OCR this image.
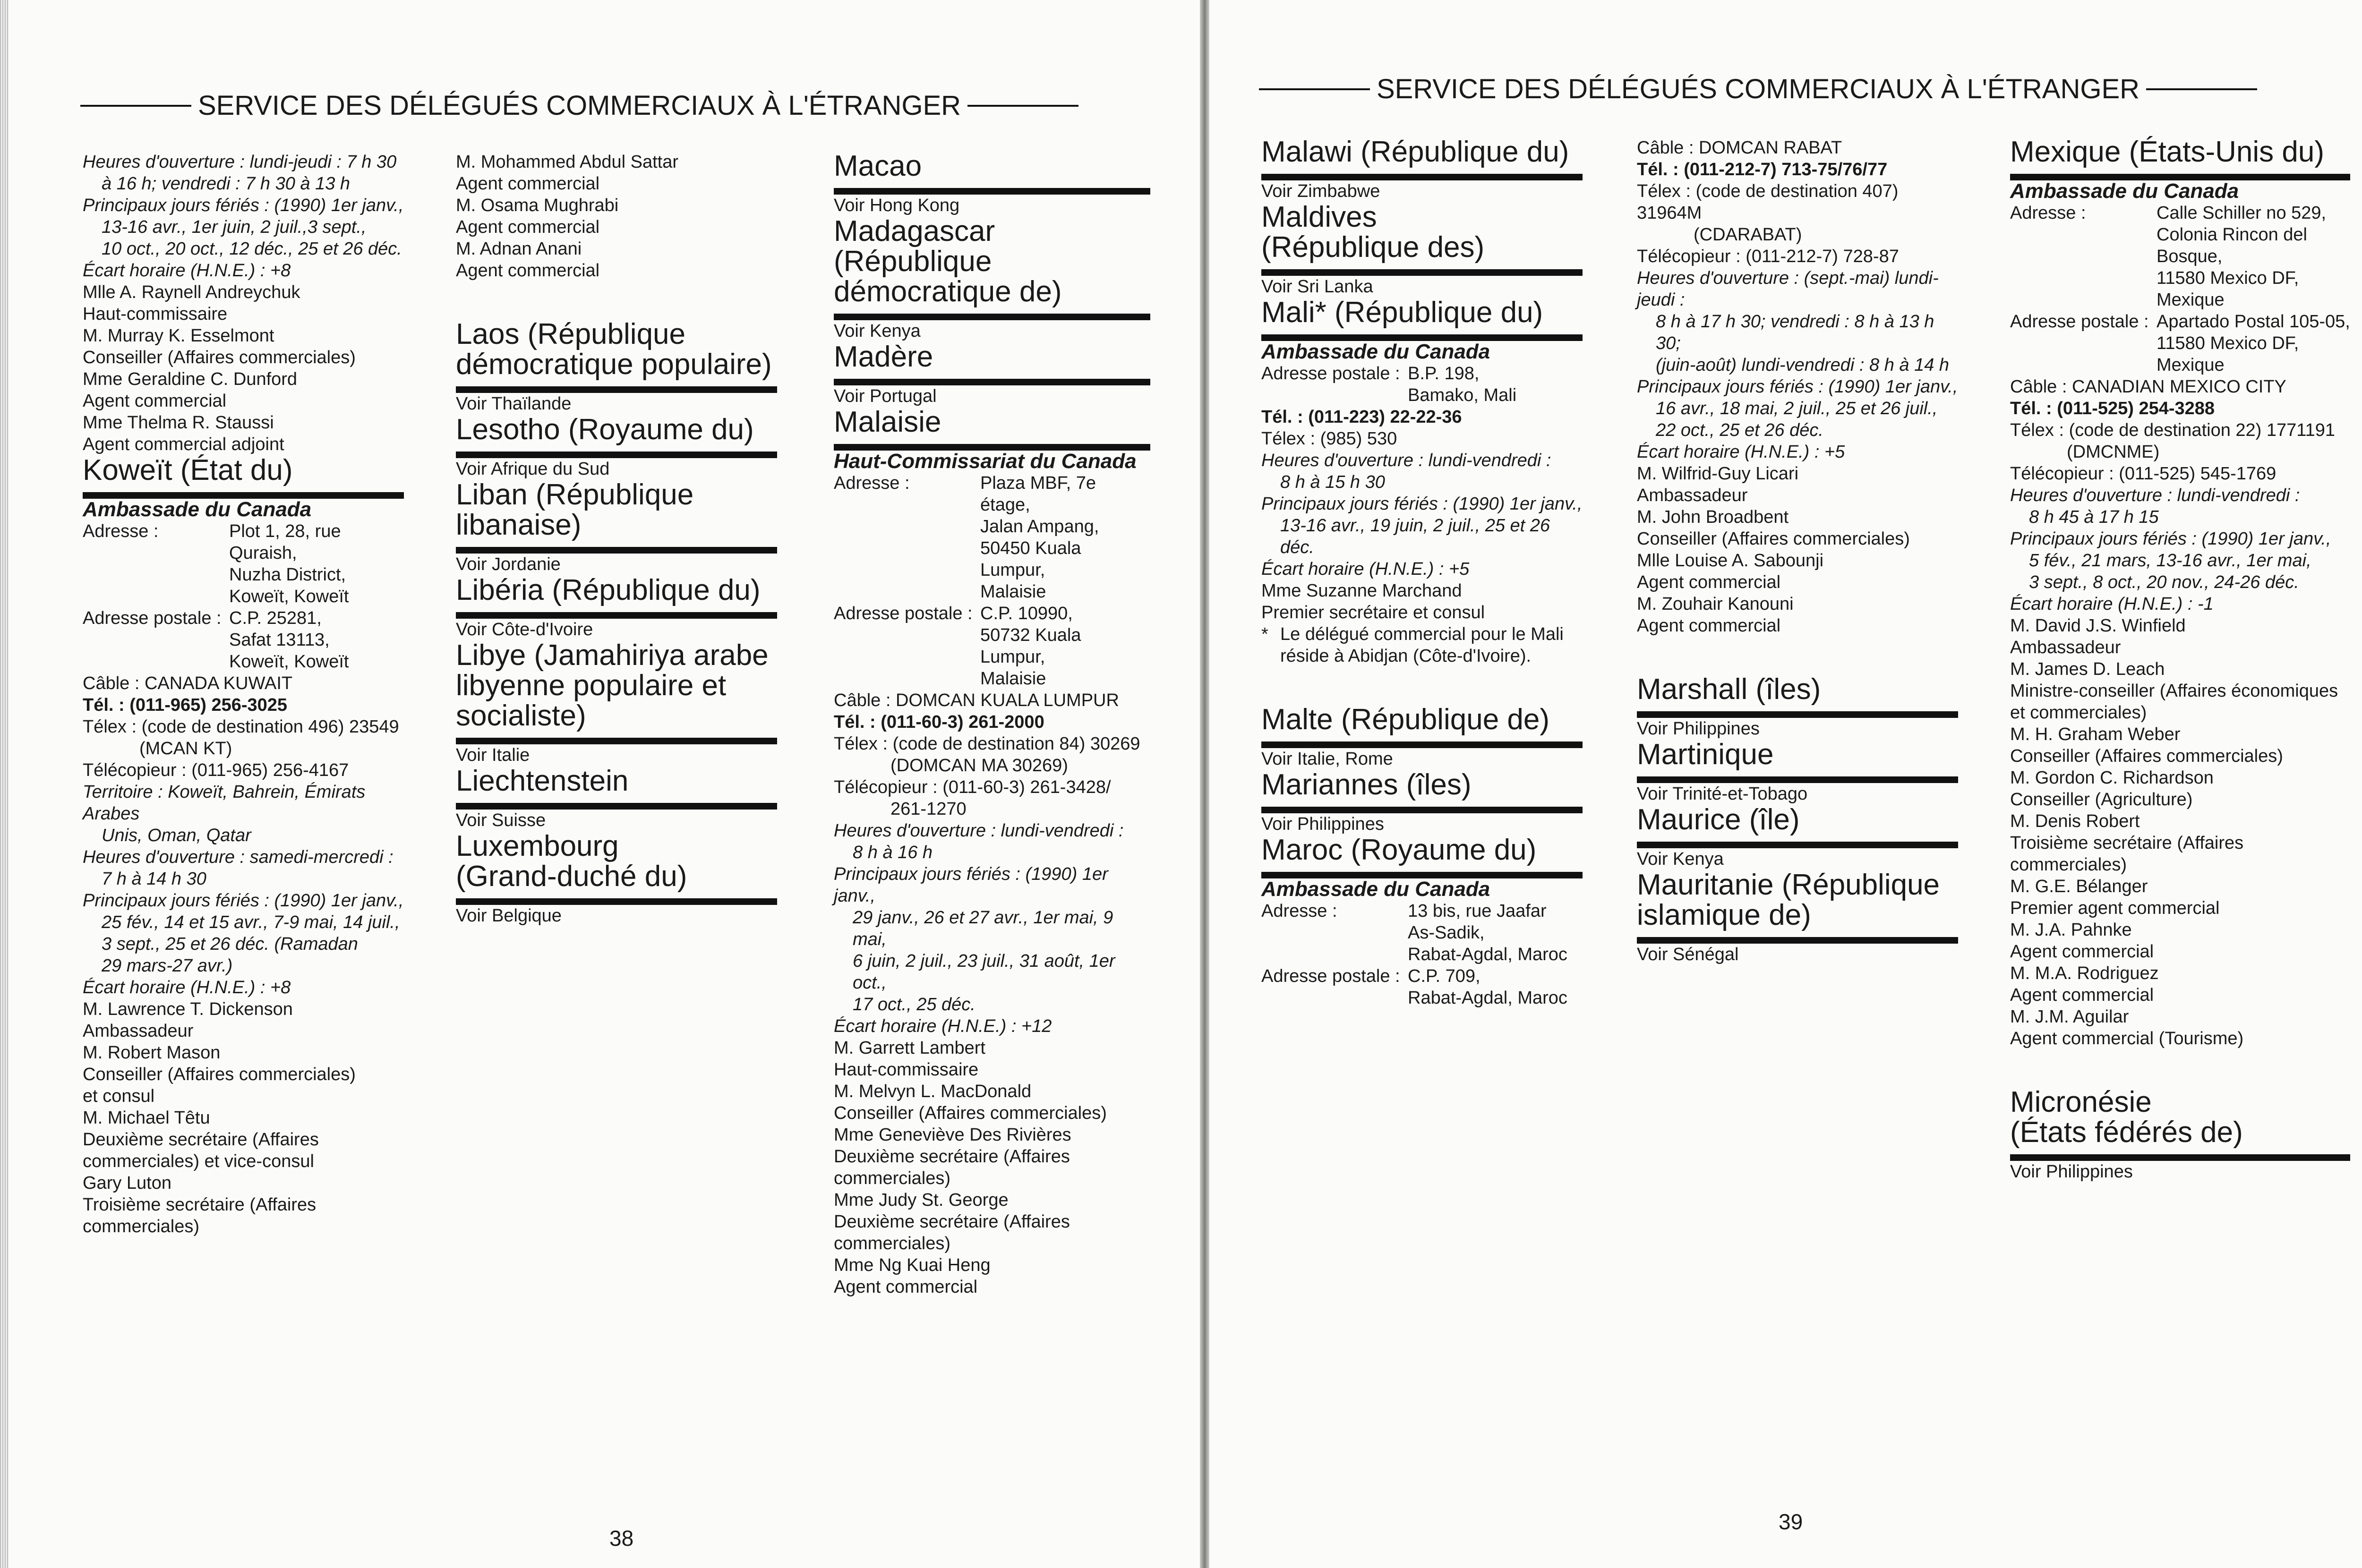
SERVICE DES DÉLÉGUÉS COMMERCIAUX À L'ÉTRANGER
Heures d'ouverture : lundi-jeudi : 7 h 30
à 16 h; vendredi : 7 h 30 à 13 h
Principaux jours fériés : (1990) 1er janv.,
13-16 avr., 1er juin, 2 juil.,3 sept.,
10 oct., 20 oct., 12 déc., 25 et 26 déc.
Écart horaire (H.N.E.) : +8
Mlle A. Raynell Andreychuk
Haut-commissaire
M. Murray K. Esselmont
Conseiller (Affaires commerciales)
Mme Geraldine C. Dunford
Agent commercial
Mme Thelma R. Staussi
Agent commercial adjoint
Koweït (État du)
Ambassade du Canada
Adresse :	Plot 1, 28, rue Quraish,
Nuzha District,
Koweït, Koweït
Adresse postale : C.P. 25281,
Safat 13113,
Koweït, Koweït
Câble : CANADA KUWAIT
Tél. : (011-965) 256-3025
Télex : (code de destination 496) 23549
(MCAN KT)
Télécopieur : (011-965) 256-4167
Territoire : Koweït, Bahrein, Émirats Arabes
Unis, Oman, Qatar
Heures d'ouverture : samedi-mercredi :
7 h à 14 h 30
Principaux jours fériés : (1990) 1er janv.,
25 fév., 14 et 15 avr., 7-9 mai, 14 juil.,
3 sept., 25 et 26 déc. (Ramadan
29 mars-27 avr.)
Écart horaire (H.N.E.) : +8
M. Lawrence T. Dickenson
Ambassadeur
M. Robert Mason
Conseiller (Affaires commerciales)
et consul
M. Michael Têtu
Deuxième secrétaire (Affaires
commerciales) et vice-consul
Gary Luton
Troisième secrétaire (Affaires commerciales)
M. Mohammed Abdul Sattar
Agent commercial
M. Osama Mughrabi
Agent commercial
M. Adnan Anani
Agent commercial
Laos (République
démocratique populaire)
Voir Thaïlande
Lesotho (Royaume du)
Voir Afrique du Sud
Liban (République
libanaise)
Voir Jordanie
Libéria (République du)
Voir Côte-d'Ivoire
Libye (Jamahiriya arabe
libyenne populaire et
socialiste)
Voir Italie
Liechtenstein
Voir Suisse
Luxembourg
(Grand-duché du)
Voir Belgique
Macao
Voir Hong Kong
Madagascar
(République
démocratique de)
Voir Kenya
Madère
Voir Portugal
Malaisie
Haut-Commissariat du Canada
Adresse :	Plaza MBF, 7e étage,
Jalan Ampang,
50450 Kuala Lumpur,
Malaisie
Adresse postale : C.P. 10990,
50732 Kuala Lumpur,
Malaisie
Câble : DOMCAN KUALA LUMPUR
Tél. : (011-60-3) 261-2000
Télex : (code de destination 84) 30269
(DOMCAN MA 30269)
Télécopieur : (011-60-3) 261-3428/
261-1270
Heures d'ouverture : lundi-vendredi :
8 h à 16 h
Principaux jours fériés : (1990) 1er janv.,
29 janv., 26 et 27 avr., 1er mai, 9 mai,
6 juin, 2 juil., 23 juil., 31 août, 1er oct.,
17 oct., 25 déc.
Écart horaire (H.N.E.) : +12
M. Garrett Lambert
Haut-commissaire
M. Melvyn L. MacDonald
Conseiller (Affaires commerciales)
Mme Geneviève Des Rivières
Deuxième secrétaire (Affaires commerciales)
Mme Judy St. George
Deuxième secrétaire (Affaires commerciales)
Mme Ng Kuai Heng
Agent commercial
38
SERVICE DES DÉLÉGUÉS COMMERCIAUX À L'ÉTRANGER
Malawi (République du)
Voir Zimbabwe
Maldives
(République des)
Voir Sri Lanka
Mali* (République du)
Ambassade du Canada
Adresse postale : B.P. 198,
Bamako, Mali
Tél. : (011-223) 22-22-36
Télex : (985) 530
Heures d'ouverture : lundi-vendredi :
8 h à 15 h 30
Principaux jours fériés : (1990) 1er janv.,
13-16 avr., 19 juin, 2 juil., 25 et 26 déc.
Écart horaire (H.N.E.) : +5
Mme Suzanne Marchand
Premier secrétaire et consul
* Le délégué commercial pour le Mali
réside à Abidjan (Côte-d'Ivoire).
Malte (République de)
Voir Italie, Rome
Mariannes (îles)
Voir Philippines
Maroc (Royaume du)
Ambassade du Canada
Adresse :	13 bis, rue Jaafar
As-Sadik,
Rabat-Agdal, Maroc
Adresse postale : C.P. 709,
Rabat-Agdal, Maroc
Câble : DOMCAN RABAT
Tél. : (011-212-7) 713-75/76/77
Télex : (code de destination 407) 31964M
(CDARABAT)
Télécopieur : (011-212-7) 728-87
Heures d'ouverture : (sept.-mai) lundi-jeudi :
8 h à 17 h 30; vendredi : 8 h à 13 h 30;
(juin-août) lundi-vendredi : 8 h à 14 h
Principaux jours fériés : (1990) 1er janv.,
16 avr., 18 mai, 2 juil., 25 et 26 juil.,
22 oct., 25 et 26 déc.
Écart horaire (H.N.E.) : +5
M. Wilfrid-Guy Licari
Ambassadeur
M. John Broadbent
Conseiller (Affaires commerciales)
Mlle Louise A. Sabounji
Agent commercial
M. Zouhair Kanouni
Agent commercial
Marshall (îles)
Voir Philippines
Martinique
Voir Trinité-et-Tobago
Maurice (île)
Voir Kenya
Mauritanie (République
islamique de)
Voir Sénégal
Mexique (États-Unis du)
Ambassade du Canada
Adresse :	Calle Schiller no 529,
Colonia Rincon del
Bosque,
11580 Mexico DF,
Mexique
Adresse postale : Apartado Postal 105-05,
11580 Mexico DF,
Mexique
Câble : CANADIAN MEXICO CITY
Tél. : (011-525) 254-3288
Télex : (code de destination 22) 1771191
(DMCNME)
Télécopieur : (011-525) 545-1769
Heures d'ouverture : lundi-vendredi :
8 h 45 à 17 h 15
Principaux jours fériés : (1990) 1er janv.,
5 fév., 21 mars, 13-16 avr., 1er mai,
3 sept., 8 oct., 20 nov., 24-26 déc.
Écart horaire (H.N.E.) : -1
M. David J.S. Winfield
Ambassadeur
M. James D. Leach
Ministre-conseiller (Affaires économiques
et commerciales)
M. H. Graham Weber
Conseiller (Affaires commerciales)
M. Gordon C. Richardson
Conseiller (Agriculture)
M. Denis Robert
Troisième secrétaire (Affaires commerciales)
M. G.E. Bélanger
Premier agent commercial
M. J.A. Pahnke
Agent commercial
M. M.A. Rodriguez
Agent commercial
M. J.M. Aguilar
Agent commercial (Tourisme)
Micronésie
(États fédérés de)
Voir Philippines
39
